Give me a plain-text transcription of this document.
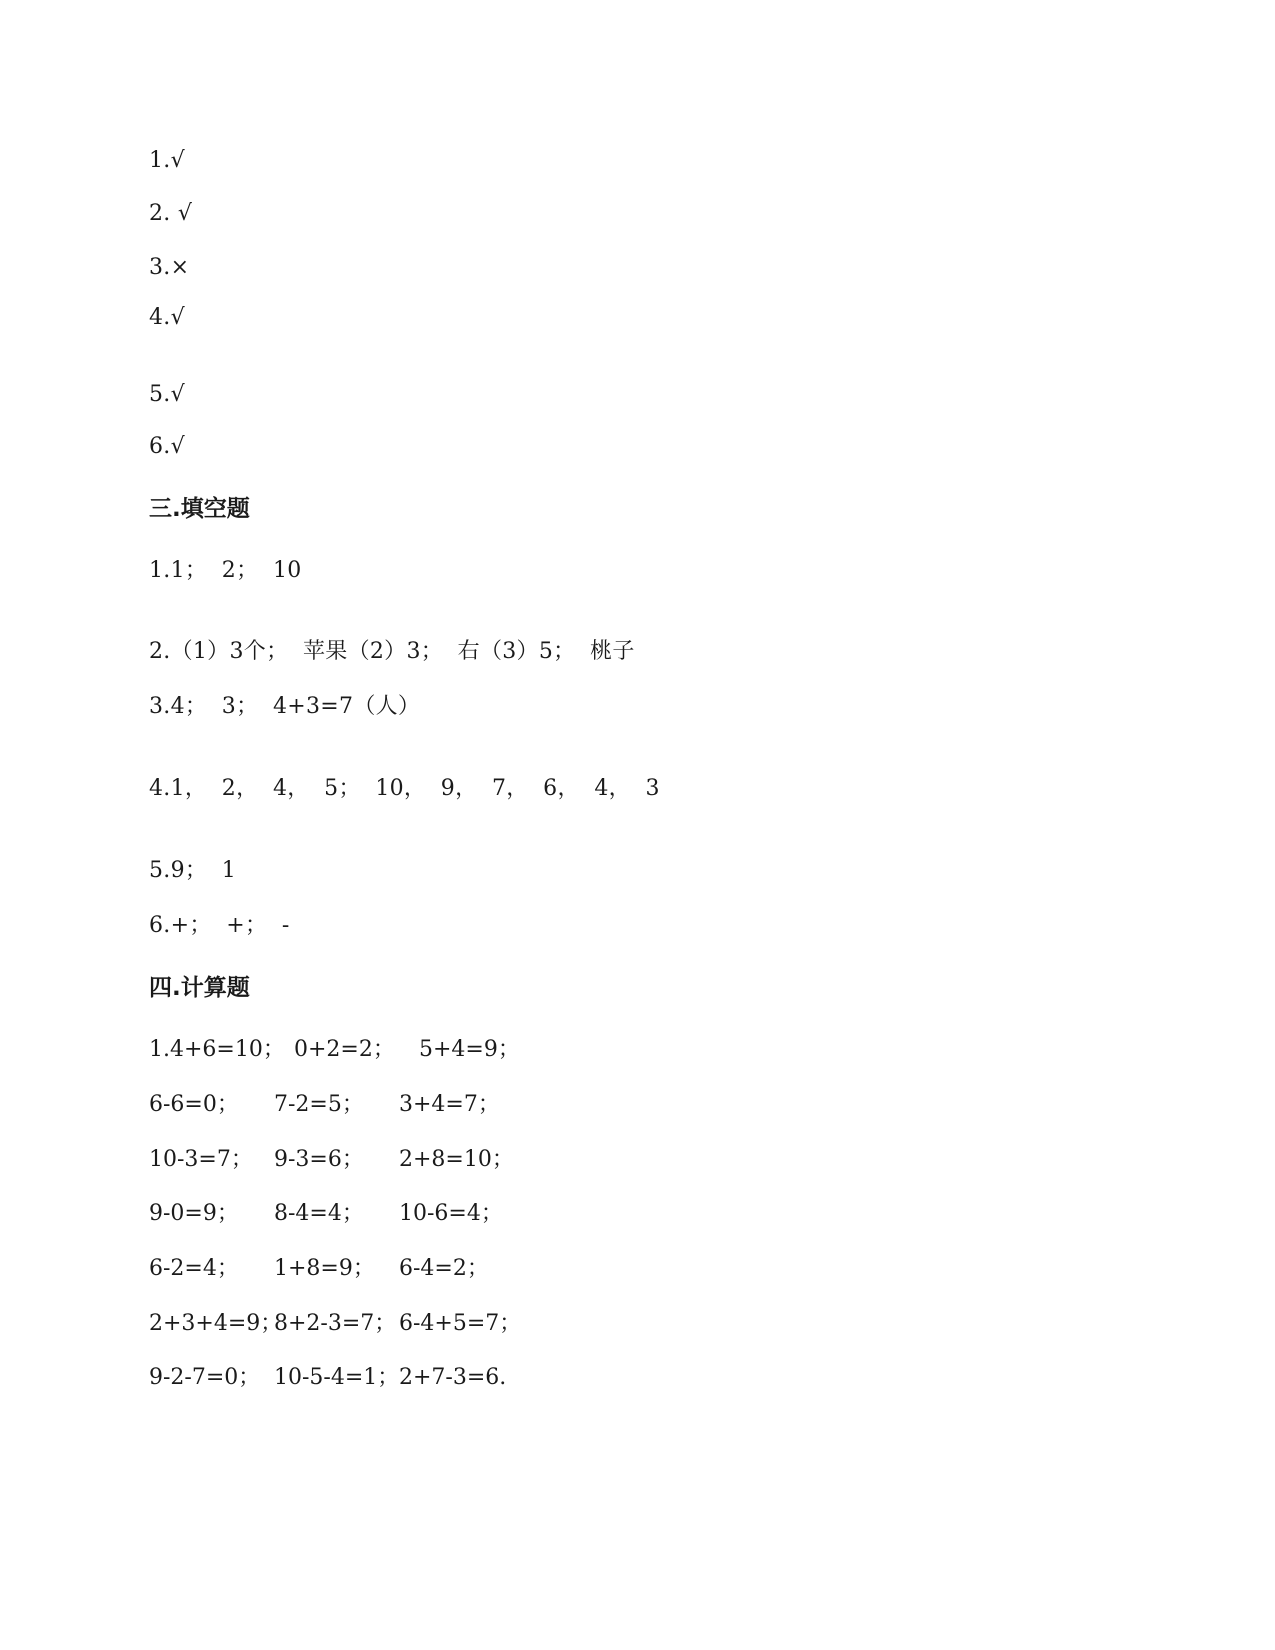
1.√
2. √
3.×
4.√
5.√
6.√
三.填空题
1.1；  2；  10
2.（1）3个；  苹果（2）3；  右（3）5；  桃子
3.4；  3；  4+3=7（人）
4.1，  2，  4，  5；  10，  9，  7，  6，  4，  3
5.9；  1
6.+；  +；  -
四.计算题

1.4+6=10；

0+2=2；

5+4=9；

6-6=0；

7-2=5；

3+4=7；

10-3=7；

9-3=6；

2+8=10；

9-0=9；

8-4=4；

10-6=4；

6-2=4；

1+8=9；

6-4=2；

2+3+4=9；

8+2-3=7；

6-4+5=7；

9-2-7=0；

10-5-4=1；

2+7-3=6.
